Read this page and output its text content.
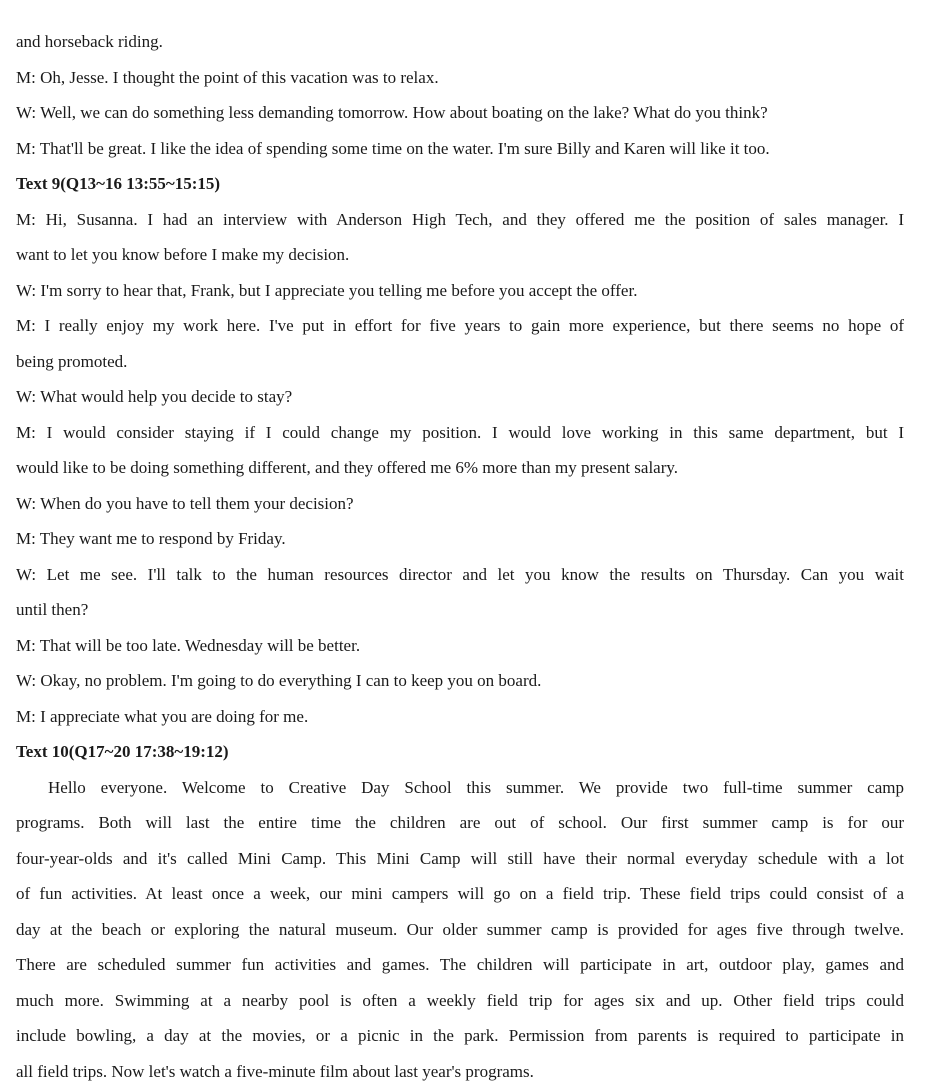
and horseback riding.
M: Oh, Jesse. I thought the point of this vacation was to relax.
W: Well, we can do something less demanding tomorrow. How about boating on the lake? What do you think?
M: That'll be great. I like the idea of spending some time on the water. I'm sure Billy and Karen will like it too.
Text 9(Q13~16 13:55~15:15)
M: Hi, Susanna. I had an interview with Anderson High Tech, and they offered me the position of sales manager. I
want to let you know before I make my decision.
W: I'm sorry to hear that, Frank, but I appreciate you telling me before you accept the offer.
M: I really enjoy my work here. I've put in effort for five years to gain more experience, but there seems no hope of
being promoted.
W: What would help you decide to stay?
M: I would consider staying if I could change my position. I would love working in this same department, but I
would like to be doing something different, and they offered me 6% more than my present salary.
W: When do you have to tell them your decision?
M: They want me to respond by Friday.
W: Let me see. I'll talk to the human resources director and let you know the results on Thursday. Can you wait
until then?
M: That will be too late. Wednesday will be better.
W: Okay, no problem. I'm going to do everything I can to keep you on board.
M: I appreciate what you are doing for me.
Text 10(Q17~20 17:38~19:12)
Hello everyone. Welcome to Creative Day School this summer. We provide two full-time summer camp
programs. Both will last the entire time the children are out of school. Our first summer camp is for our
four-year-olds and it's called Mini Camp. This Mini Camp will still have their normal everyday schedule with a lot
of fun activities. At least once a week, our mini campers will go on a field trip. These field trips could consist of a
day at the beach or exploring the natural museum. Our older summer camp is provided for ages five through twelve.
There are scheduled summer fun activities and games. The children will participate in art, outdoor play, games and
much more. Swimming at a nearby pool is often a weekly field trip for ages six and up. Other field trips could
include bowling, a day at the movies, or a picnic in the park. Permission from parents is required to participate in
all field trips. Now let's watch a five-minute film about last year's programs.
